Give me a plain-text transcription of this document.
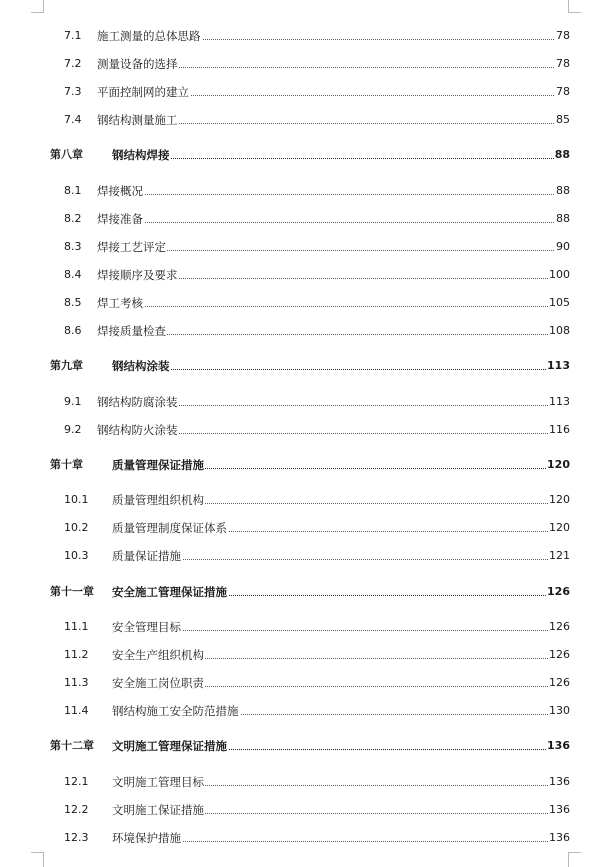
7.1 施工测量的总体思路	78
7.2 测量设备的选择	78
7.3 平面控制网的建立	78
7.4 钢结构测量施工	85
第八章	钢结构焊接	88
8.1 焊接概况	88
8.2 焊接准备	88
8.3 焊接工艺评定	90
8.4 焊接顺序及要求	100
8.5 焊工考核	105
8.6 焊接质量检查	108
第九章	钢结构涂装	113
9.1 钢结构防腐涂装	113
9.2 钢结构防火涂装	116
第十章	质量管理保证措施	120
10.1 质量管理组织机构	120
10.2 质量管理制度保证体系	120
10.3 质量保证措施	121
第十一章 安全施工管理保证措施	126
11.1 安全管理目标	126
11.2 安全生产组织机构	126
11.3 安全施工岗位职责	126
11.4 钢结构施工安全防范措施	130
第十二章 文明施工管理保证措施	136
12.1 文明施工管理目标	136
12.2 文明施工保证措施	136
12.3 环境保护措施	136
